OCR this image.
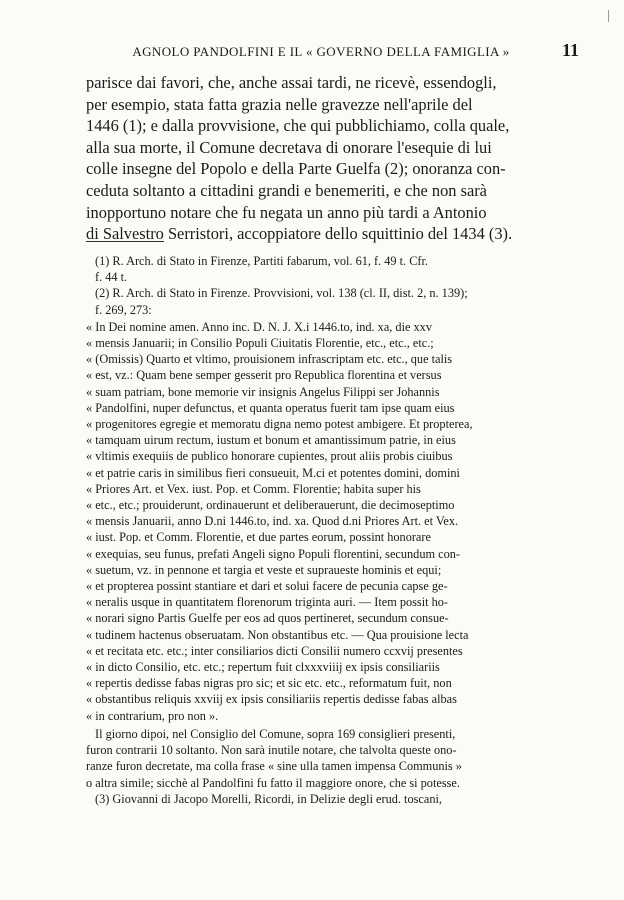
AGNOLO PANDOLFINI E IL « GOVERNO DELLA FAMIGLIA »	11

parisce dai favori, che, anche assai tardi, ne ricevè, essendogli,

per esempio, stata fatta grazia nelle gravezze nell'aprile del

1446 (1); e dalla provvisione, che qui pubblichiamo, colla quale,

alla sua morte, il Comune decretava di onorare l'esequie di lui

colle insegne del Popolo e della Parte Guelfa (2); onoranza con-

ceduta soltanto a cittadini grandi e benemeriti, e che non sarà

inopportuno notare che fu negata un anno più tardi a Antonio

di Salvestro Serristori, accoppiatore dello squittinio del 1434 (3).

(1) R. Arch. di Stato in Firenze, Partiti fabarum, vol. 61, f. 49 t. Cfr.

f. 44 t.

(2) R. Arch. di Stato in Firenze. Provvisioni, vol. 138 (cl. II, dist. 2, n. 139);

f. 269, 273:

« In Dei nomine amen. Anno inc. D. N. J. X.i 1446.to, ind. xa, die xxv

« mensis Januarii; in Consilio Populi Ciuitatis Florentie, etc., etc., etc.;

« (Omissis) Quarto et vltimo, prouisionem infrascriptam etc. etc., que talis

« est, vz.: Quam bene semper gesserit pro Republica florentina et versus

« suam patriam, bone memorie vir insignis Angelus Filippi ser Johannis

« Pandolfini, nuper defunctus, et quanta operatus fuerit tam ipse quam eius

« progenitores egregie et memoratu digna nemo potest ambigere. Et propterea,

« tamquam uirum rectum, iustum et bonum et amantissimum patrie, in eius

« vltimis exequiis de publico honorare cupientes, prout aliis probis ciuibus

« et patrie caris in similibus fieri consueuit, M.ci et potentes domini, domini

« Priores Art. et Vex. iust. Pop. et Comm. Florentie; habita super his

« etc., etc.; prouiderunt, ordinauerunt et deliberauerunt, die decimoseptimo

« mensis Januarii, anno D.ni 1446.to, ind. xa. Quod d.ni Priores Art. et Vex.

« iust. Pop. et Comm. Florentie, et due partes eorum, possint honorare

« exequias, seu funus, prefati Angeli signo Populi florentini, secundum con-

« suetum, vz. in pennone et targia et veste et supraueste hominis et equi;

« et propterea possint stantiare et dari et solui facere de pecunia capse ge-

« neralis usque in quantitatem florenorum triginta auri. — Item possit ho-

« norari signo Partis Guelfe per eos ad quos pertineret, secundum consue-

« tudinem hactenus obseruatam. Non obstantibus etc. — Qua prouisione lecta

« et recitata etc. etc.; inter consiliarios dicti Consilii numero ccxvij presentes

« in dicto Consilio, etc. etc.; repertum fuit clxxxviiij ex ipsis consiliariis

« repertis dedisse fabas nigras pro sic; et sic etc. etc., reformatum fuit, non

« obstantibus reliquis xxviij ex ipsis consiliariis repertis dedisse fabas albas

« in contrarium, pro non ».

Il giorno dipoi, nel Consiglio del Comune, sopra 169 consiglieri presenti,

furon contrarii 10 soltanto. Non sarà inutile notare, che talvolta queste ono-

ranze furon decretate, ma colla frase « sine ulla tamen impensa Communis »

o altra simile; sicchè al Pandolfini fu fatto il maggiore onore, che si potesse.

(3) Giovanni di Jacopo Morelli, Ricordi, in Delizie degli erud. toscani,
